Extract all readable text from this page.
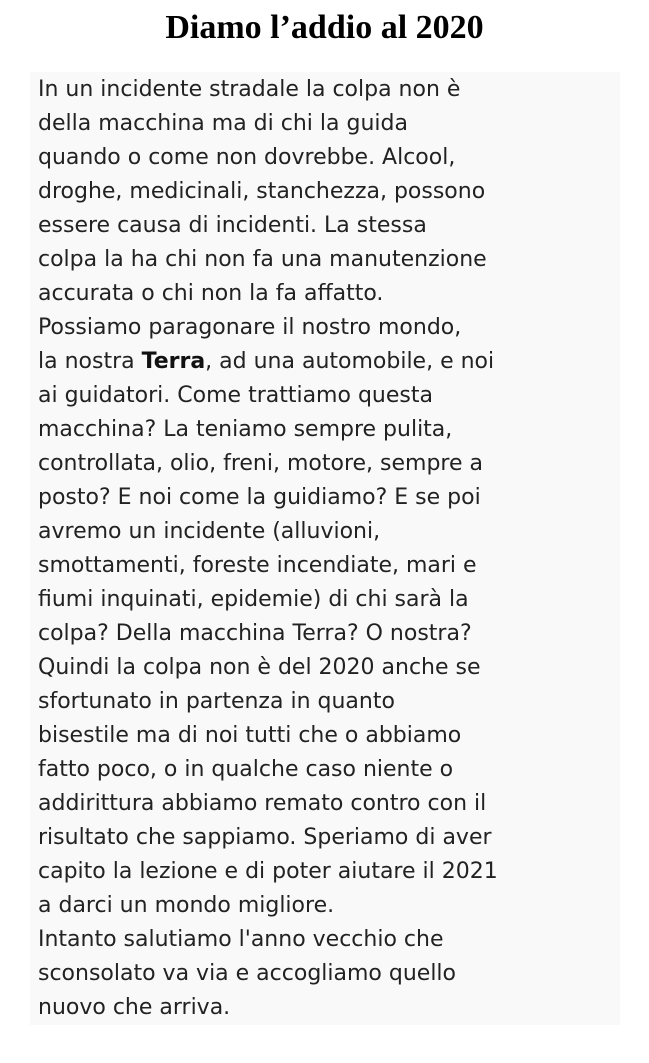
Diamo l’addio al 2020
In un incidente stradale la colpa non è
della macchina ma di chi la guida
quando o come non dovrebbe. Alcool,
droghe, medicinali, stanchezza, possono
essere causa di incidenti. La stessa
colpa la ha chi non fa una manutenzione
accurata o chi non la fa affatto.
Possiamo paragonare il nostro mondo,
la nostra Terra, ad una automobile, e noi
ai guidatori. Come trattiamo questa
macchina? La teniamo sempre pulita,
controllata, olio, freni, motore, sempre a
posto? E noi come la guidiamo? E se poi
avremo un incidente (alluvioni,
smottamenti, foreste incendiate, mari e
fiumi inquinati, epidemie) di chi sarà la
colpa? Della macchina Terra? O nostra?
Quindi la colpa non è del 2020 anche se
sfortunato in partenza in quanto
bisestile ma di noi tutti che o abbiamo
fatto poco, o in qualche caso niente o
addirittura abbiamo remato contro con il
risultato che sappiamo. Speriamo di aver
capito la lezione e di poter aiutare il 2021
a darci un mondo migliore.
Intanto salutiamo l'anno vecchio che
sconsolato va via e accogliamo quello
nuovo che arriva.
